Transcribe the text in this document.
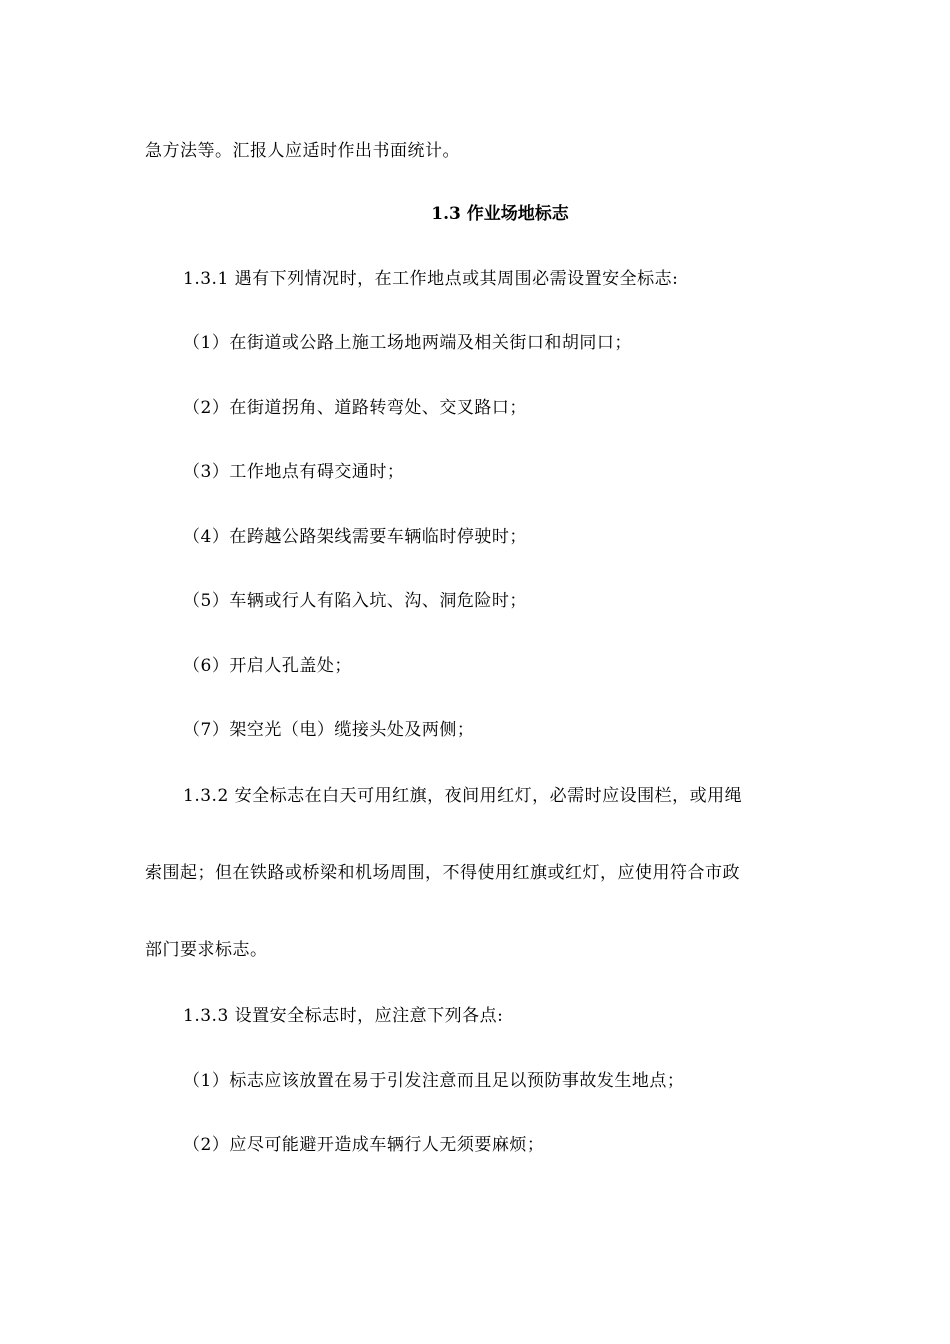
急方法等。汇报人应适时作出书面统计。
1.3 作业场地标志
1.3.1 遇有下列情况时，在工作地点或其周围必需设置安全标志:
（1）在街道或公路上施工场地两端及相关街口和胡同口；
（2）在街道拐角、道路转弯处、交叉路口；
（3）工作地点有碍交通时；
（4）在跨越公路架线需要车辆临时停驶时；
（5）车辆或行人有陷入坑、沟、洞危险时；
（6）开启人孔盖处；
（7）架空光（电）缆接头处及两侧；
1.3.2 安全标志在白天可用红旗，夜间用红灯，必需时应设围栏，或用绳
索围起；但在铁路或桥梁和机场周围，不得使用红旗或红灯，应使用符合市政
部门要求标志。
1.3.3 设置安全标志时，应注意下列各点:
（1）标志应该放置在易于引发注意而且足以预防事故发生地点；
（2）应尽可能避开造成车辆行人无须要麻烦；
